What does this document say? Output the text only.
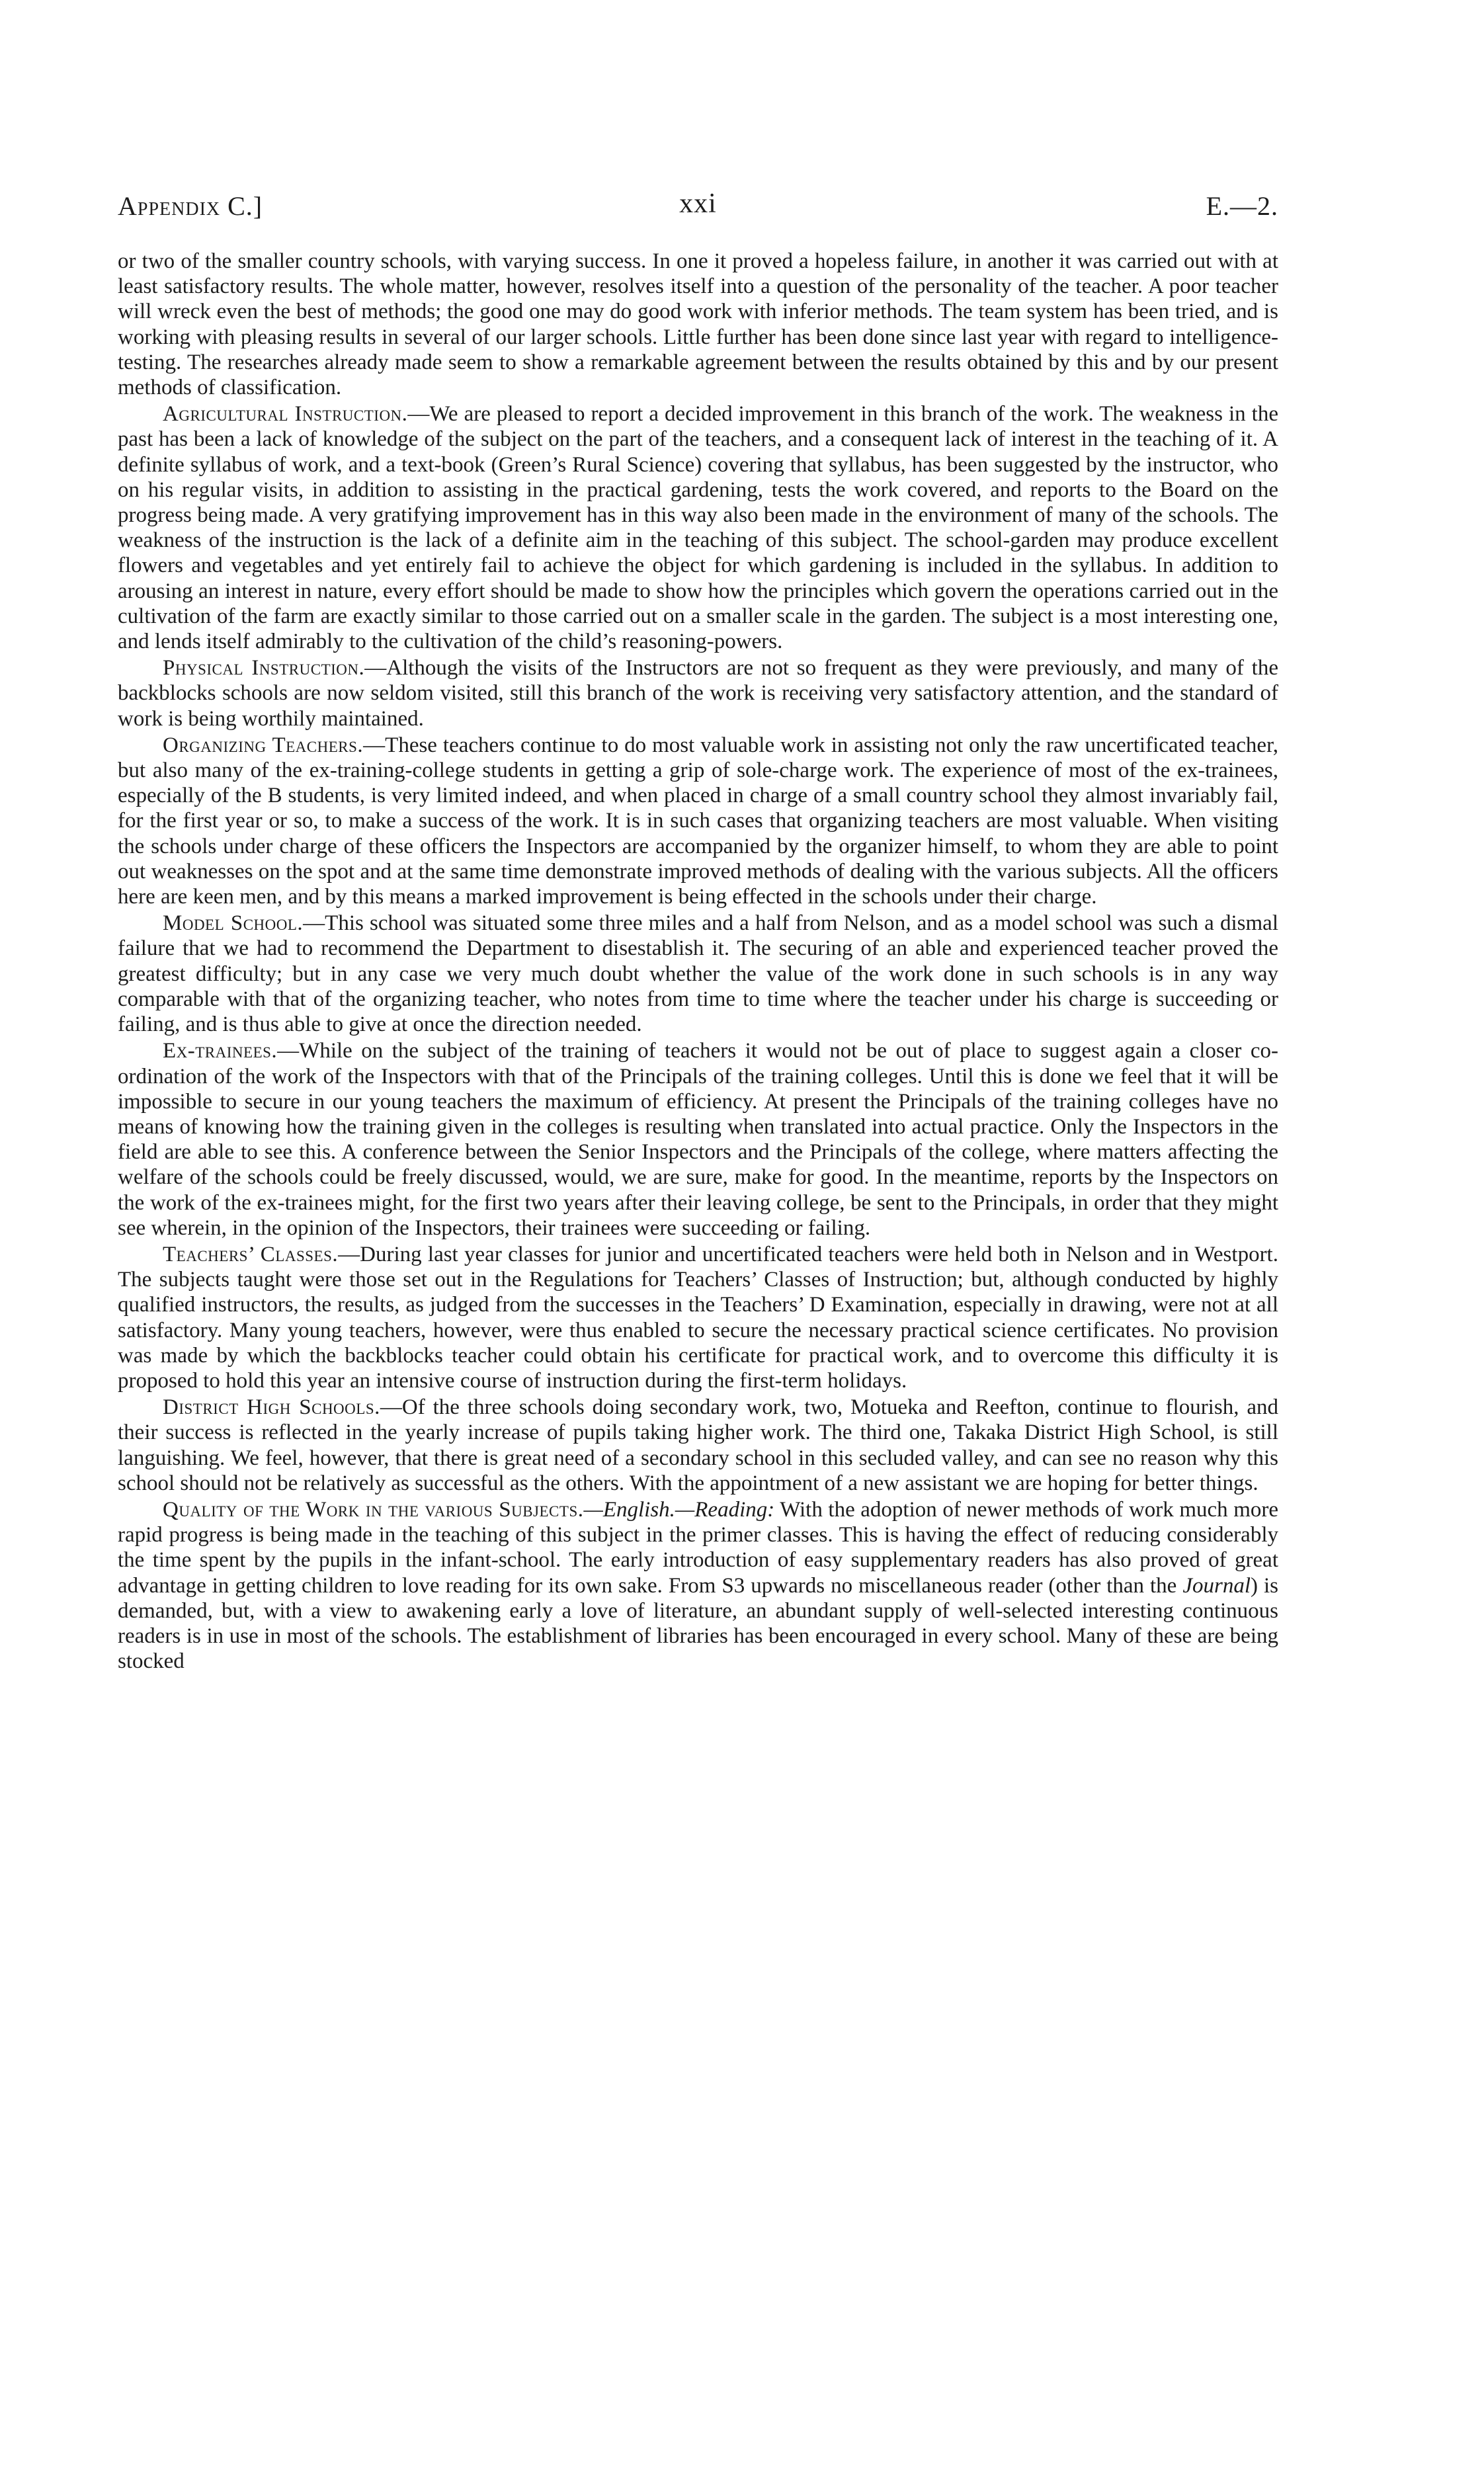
Appendix C.]	xxi	E.—2.

or two of the smaller country schools, with varying success. In one it proved a hopeless failure, in another it was carried out with at least satisfactory results. The whole matter, however, resolves itself into a question of the personality of the teacher. A poor teacher will wreck even the best of methods; the good one may do good work with inferior methods. The team system has been tried, and is working with pleasing results in several of our larger schools. Little further has been done since last year with regard to intelligence-testing. The researches already made seem to show a remarkable agreement between the results obtained by this and by our present methods of classification.

Agricultural Instruction.—We are pleased to report a decided improvement in this branch of the work. The weakness in the past has been a lack of knowledge of the subject on the part of the teachers, and a consequent lack of interest in the teaching of it. A definite syllabus of work, and a text-book (Green’s Rural Science) covering that syllabus, has been suggested by the instructor, who on his regular visits, in addition to assisting in the practical gardening, tests the work covered, and reports to the Board on the progress being made. A very gratifying improvement has in this way also been made in the environment of many of the schools. The weakness of the instruction is the lack of a definite aim in the teaching of this subject. The school-garden may produce excellent flowers and vegetables and yet entirely fail to achieve the object for which gardening is included in the syllabus. In addition to arousing an interest in nature, every effort should be made to show how the principles which govern the operations carried out in the cultivation of the farm are exactly similar to those carried out on a smaller scale in the garden. The subject is a most interesting one, and lends itself admirably to the cultivation of the child’s reasoning-powers.

Physical Instruction.—Although the visits of the Instructors are not so frequent as they were previously, and many of the backblocks schools are now seldom visited, still this branch of the work is receiving very satisfactory attention, and the standard of work is being worthily maintained.

Organizing Teachers.—These teachers continue to do most valuable work in assisting not only the raw uncertificated teacher, but also many of the ex-training-college students in getting a grip of sole-charge work. The experience of most of the ex-trainees, especially of the B students, is very limited indeed, and when placed in charge of a small country school they almost invariably fail, for the first year or so, to make a success of the work. It is in such cases that organizing teachers are most valuable. When visiting the schools under charge of these officers the Inspectors are accompanied by the organizer himself, to whom they are able to point out weaknesses on the spot and at the same time demonstrate improved methods of dealing with the various subjects. All the officers here are keen men, and by this means a marked improvement is being effected in the schools under their charge.

Model School.—This school was situated some three miles and a half from Nelson, and as a model school was such a dismal failure that we had to recommend the Department to disestablish it. The securing of an able and experienced teacher proved the greatest difficulty; but in any case we very much doubt whether the value of the work done in such schools is in any way comparable with that of the organizing teacher, who notes from time to time where the teacher under his charge is succeeding or failing, and is thus able to give at once the direction needed.

Ex-trainees.—While on the subject of the training of teachers it would not be out of place to suggest again a closer co-ordination of the work of the Inspectors with that of the Principals of the training colleges. Until this is done we feel that it will be impossible to secure in our young teachers the maximum of efficiency. At present the Principals of the training colleges have no means of knowing how the training given in the colleges is resulting when translated into actual practice. Only the Inspectors in the field are able to see this. A conference between the Senior Inspectors and the Principals of the college, where matters affecting the welfare of the schools could be freely discussed, would, we are sure, make for good. In the meantime, reports by the Inspectors on the work of the ex-trainees might, for the first two years after their leaving college, be sent to the Principals, in order that they might see wherein, in the opinion of the Inspectors, their trainees were succeeding or failing.

Teachers’ Classes.—During last year classes for junior and uncertificated teachers were held both in Nelson and in Westport. The subjects taught were those set out in the Regulations for Teachers’ Classes of Instruction; but, although conducted by highly qualified instructors, the results, as judged from the successes in the Teachers’ D Examination, especially in drawing, were not at all satisfactory. Many young teachers, however, were thus enabled to secure the necessary practical science certificates. No provision was made by which the backblocks teacher could obtain his certificate for practical work, and to overcome this difficulty it is proposed to hold this year an intensive course of instruction during the first-term holidays.

District High Schools.—Of the three schools doing secondary work, two, Motueka and Reefton, continue to flourish, and their success is reflected in the yearly increase of pupils taking higher work. The third one, Takaka District High School, is still languishing. We feel, however, that there is great need of a secondary school in this secluded valley, and can see no reason why this school should not be relatively as successful as the others. With the appointment of a new assistant we are hoping for better things.

Quality of the Work in the various Subjects.—English.—Reading: With the adoption of newer methods of work much more rapid progress is being made in the teaching of this subject in the primer classes. This is having the effect of reducing considerably the time spent by the pupils in the infant-school. The early introduction of easy supplementary readers has also proved of great advantage in getting children to love reading for its own sake. From S3 upwards no miscellaneous reader (other than the Journal) is demanded, but, with a view to awakening early a love of literature, an abundant supply of well-selected interesting continuous readers is in use in most of the schools. The establishment of libraries has been encouraged in every school. Many of these are being stocked
